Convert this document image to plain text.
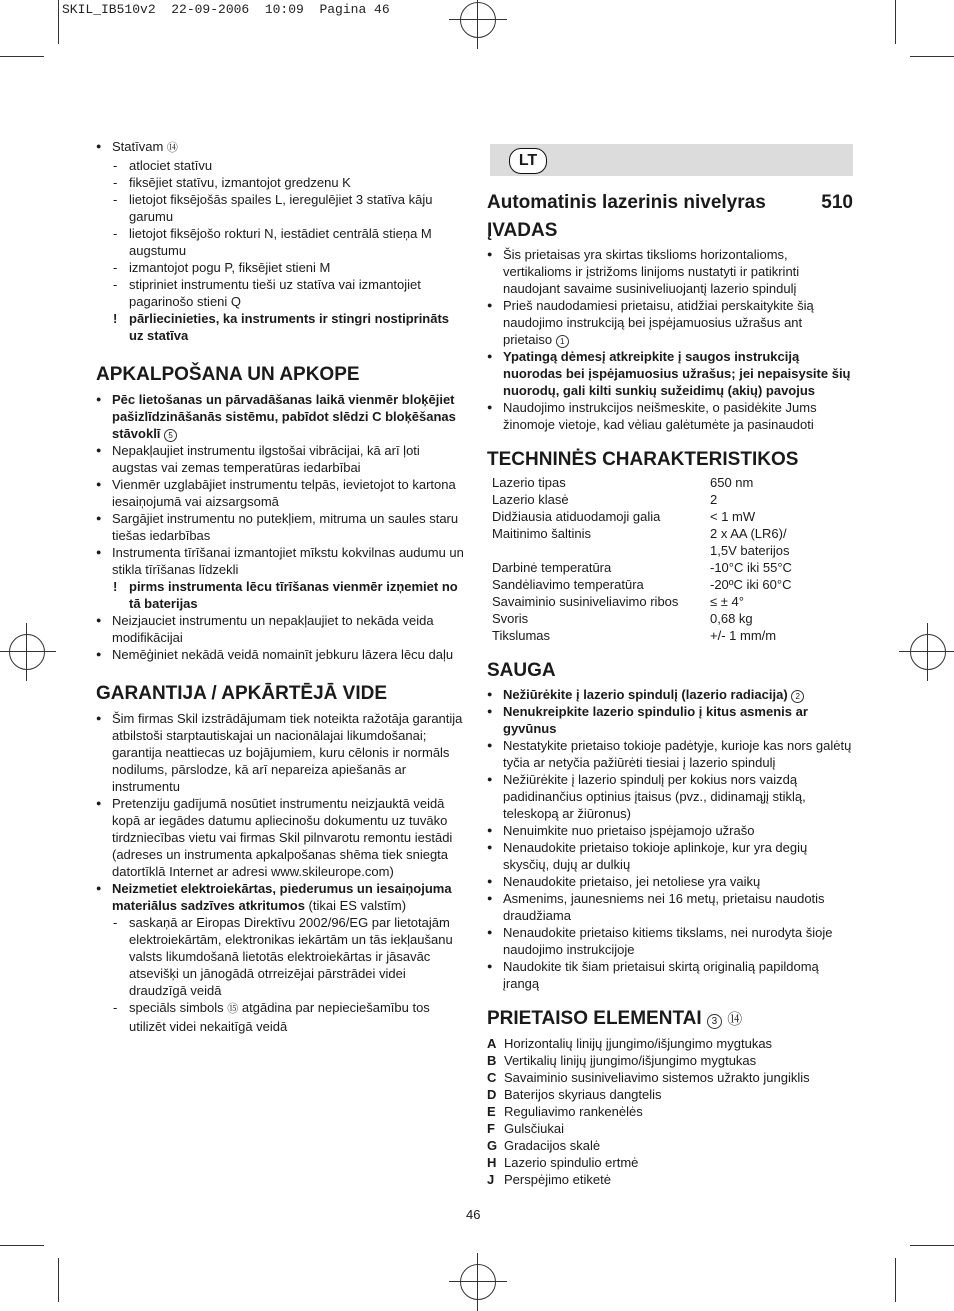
SKIL_IB510v2  22-09-2006  10:09  Pagina 46
● Statīvam ⑭
- atlociet statīvu
- fiksējiet statīvu, izmantojot gredzenu K
- lietojot fiksējošās spailes L, ieregulējiet 3 statīva kāju garumu
- lietojot fiksējošo rokturi N, iestādiet centrālā stieņa M augstumu
- izmantojot pogu P, fiksējiet stieni M
- stipriniet instrumentu tieši uz statīva vai izmantojiet pagarinošo stieni Q
! pārliecinieties, ka instruments ir stingri nostiprināts uz statīva
APKALPOŠANA UN APKOPE
● Pēc lietošanas un pārvadāšanas laikā vienmēr bloķējiet pašizlīdzināšanās sistēmu, pabīdot slēdzi C bloķēšanas stāvoklī 5
● Nepakļaujiet instrumentu ilgstošai vibrācijai, kā arī ļoti augstas vai zemas temperatūras iedarbībai
● Vienmēr uzglabājiet instrumentu telpās, ievietojot to kartona iesaiņojumā vai aizsargsomā
● Sargājiet instrumentu no putekļiem, mitruma un saules staru tiešas iedarbības
● Instrumenta tīrīšanai izmantojiet mīkstu kokvilnas audumu un stikla tīrīšanas līdzekli
! pirms instrumenta lēcu tīrīšanas vienmēr izņemiet no tā baterijas
● Neizjauciet instrumentu un nepakļaujiet to nekāda veida modifikācijai
● Nemēģiniet nekādā veidā nomainīt jebkuru lāzera lēcu daļu
GARANTIJA / APKĀRTĒJĀ VIDE
● Šim firmas Skil izstrādājumam tiek noteikta ražotāja garantija atbilstoši starptautiskajai un nacionālajai likumdošanai; garantija neattiecas uz bojājumiem, kuru cēlonis ir normāls nodilums, pārslodze, kā arī nepareiza apiešanās ar instrumentu
● Pretenziju gadījumā nosūtiet instrumentu neizjauktā veidā kopā ar iegādes datumu apliecinošu dokumentu uz tuvāko tirdzniecības vietu vai firmas Skil pilnvarotu remontu iestādi (adreses un instrumenta apkalpošanas shēma tiek sniegta datortīklā Internet ar adresi www.skileurope.com)
● Neizmetiet elektroiekārtas, piederumus un iesaiņojuma materiālus sadzīves atkritumos (tikai ES valstīm)
- saskaņā ar Eiropas Direktīvu 2002/96/EG par lietotajām elektroiekārtām, elektronikas iekārtām un tās iekļaušanu valsts likumdošanā lietotās elektroiekārtas ir jāsavāc atsevišķi un jānogādā otrreizējai pārstrādei videi draudzīgā veidā
- speciāls simbols ⑮ atgādina par nepieciešamību tos utilizēt videi nekaitīgā veidā
LT
Automatinis lazerinis nivelyras	510
ĮVADAS
● Šis prietaisas yra skirtas tikslioms horizontalioms, vertikalioms ir įstrižoms linijoms nustatyti ir patikrinti naudojant savaime susiniveliuojantį lazerio spindulį
● Prieš naudodamiesi prietaisu, atidžiai perskaitykite šią naudojimo instrukciją bei įspėjamuosius užrašus ant prietaiso 1
● Ypatingą dėmesį atkreipkite į saugos instrukciją nuorodas bei įspėjamuosius užrašus; jei nepaisysite šių nuorodų, gali kilti sunkių sužeidimų (akių) pavojus
● Naudojimo instrukcijos neišmeskite, o pasidėkite Jums žinomoje vietoje, kad vėliau galėtumėte ja pasinaudoti
TECHNINĖS CHARAKTERISTIKOS
Lazerio tipas	650 nm
Lazerio klasė	2
Didžiausia atiduodamoji galia	< 1 mW
Maitinimo šaltinis	2 x AA (LR6)/
	1,5V baterijos
Darbinė temperatūra	-10°C iki 55°C
Sandėliavimo temperatūra	-20ºC iki 60°C
Savaiminio susiniveliavimo ribos	≤ ± 4°
Svoris	0,68 kg
Tikslumas	+/- 1 mm/m
SAUGA
● Nežiūrėkite į lazerio spindulį (lazerio radiacija) 2
● Nenukreipkite lazerio spindulio į kitus asmenis ar gyvūnus
● Nestatykite prietaiso tokioje padėtyje, kurioje kas nors galėtų tyčia ar netyčia pažiūrėti tiesiai į lazerio spindulį
● Nežiūrėkite į lazerio spindulį per kokius nors vaizdą padidinančius optinius įtaisus (pvz., didinamąjį stiklą, teleskopą ar žiūronus)
● Nenuimkite nuo prietaiso įspėjamojo užrašo
● Nenaudokite prietaiso tokioje aplinkoje, kur yra degių skysčių, dujų ar dulkių
● Nenaudokite prietaiso, jei netoliese yra vaikų
● Asmenims, jaunesniems nei 16 metų, prietaisu naudotis draudžiama
● Nenaudokite prietaiso kitiems tikslams, nei nurodyta šioje naudojimo instrukcijoje
● Naudokite tik šiam prietaisui skirtą originalią papildomą įrangą
PRIETAISO ELEMENTAI 3 ⑭
A	Horizontalių linijų įjungimo/išjungimo mygtukas
B	Vertikalių linijų įjungimo/išjungimo mygtukas
C	Savaiminio susiniveliavimo sistemos užrakto jungiklis
D	Baterijos skyriaus dangtelis
E	Reguliavimo rankenėlės
F	Gulsčiukai
G	Gradacijos skalė
H	Lazerio spindulio ertmė
J	Perspėjimo etiketė
46
